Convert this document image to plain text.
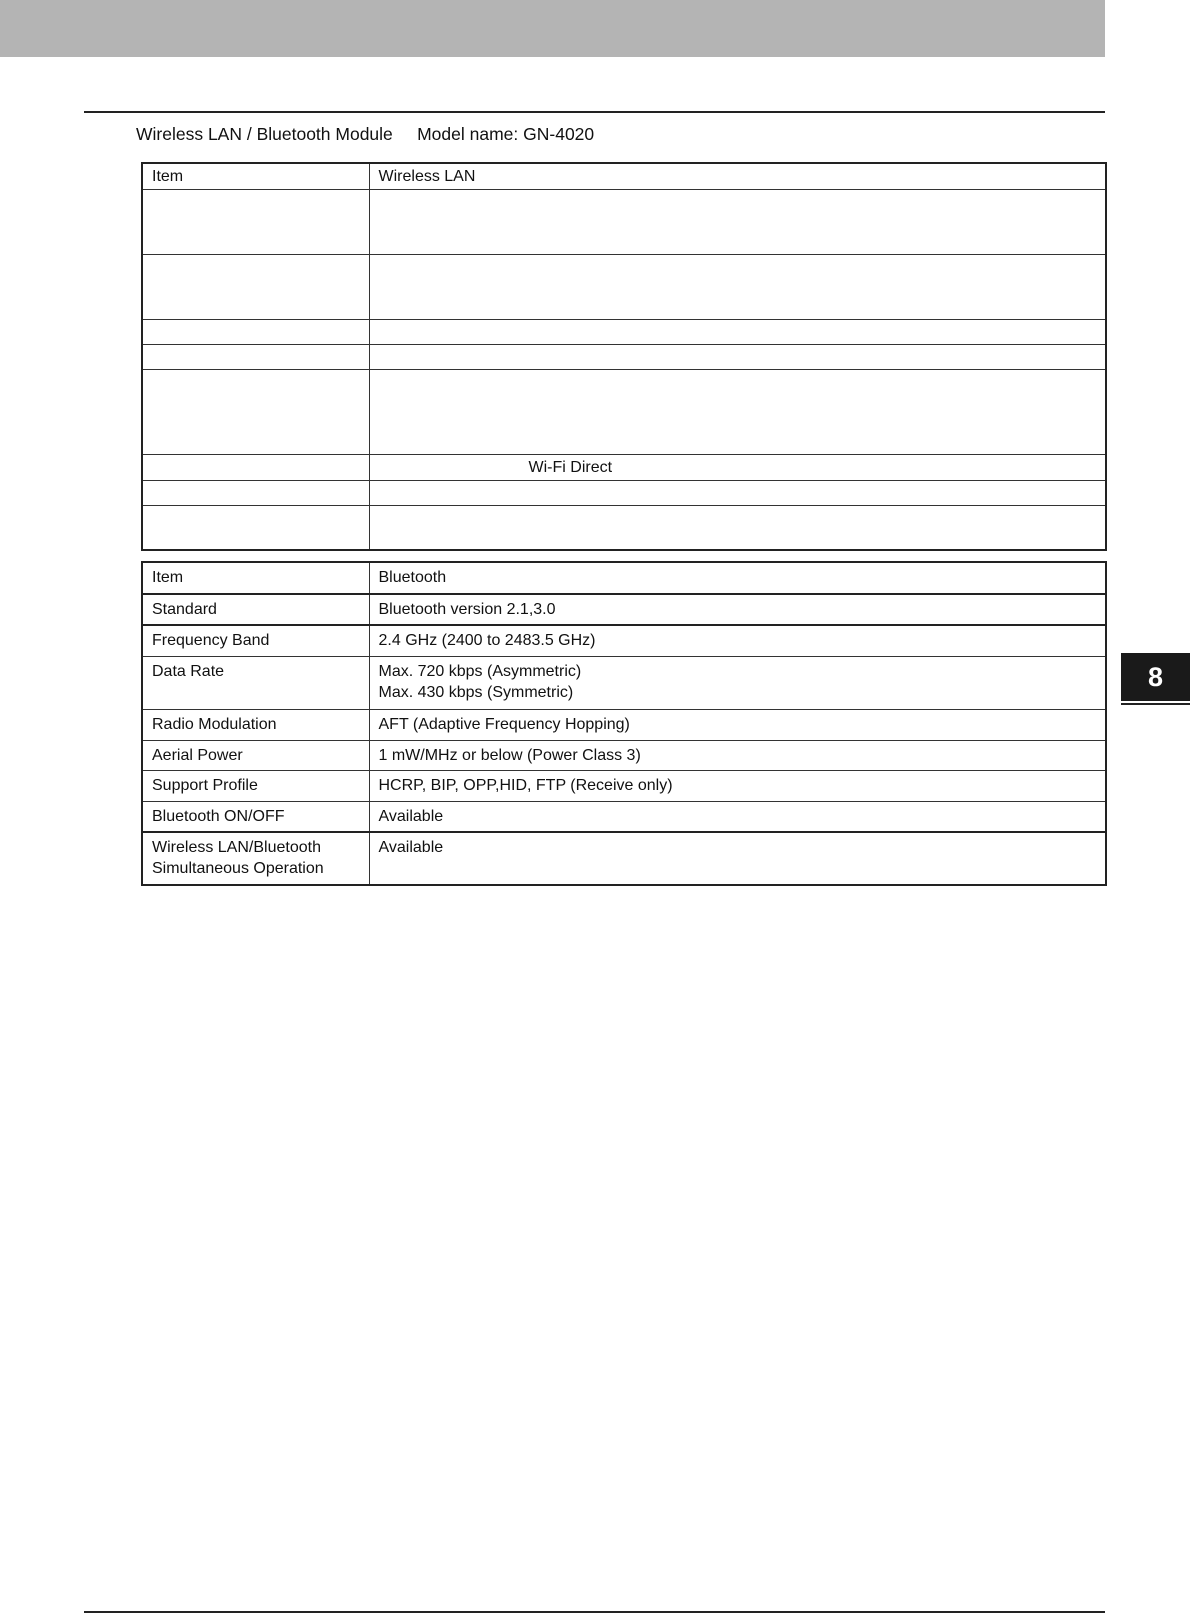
Wireless LAN / Bluetooth Module Model name: GN-4020
Item	Wireless LAN

	Wi-Fi Direct

Item	Bluetooth
Standard	Bluetooth version 2.1,3.0
Frequency Band	2.4 GHz (2400 to 2483.5 GHz)
Data Rate	Max. 720 kbps (Asymmetric)
Max. 430 kbps (Symmetric)

Radio Modulation	AFT (Adaptive Frequency Hopping)
Aerial Power	1 mW/MHz or below (Power Class 3)
Support Profile	HCRP, BIP, OPP,HID, FTP (Receive only)
Bluetooth ON/OFF	Available

Wireless LAN/Bluetooth
Simultaneous Operation	Available
8
